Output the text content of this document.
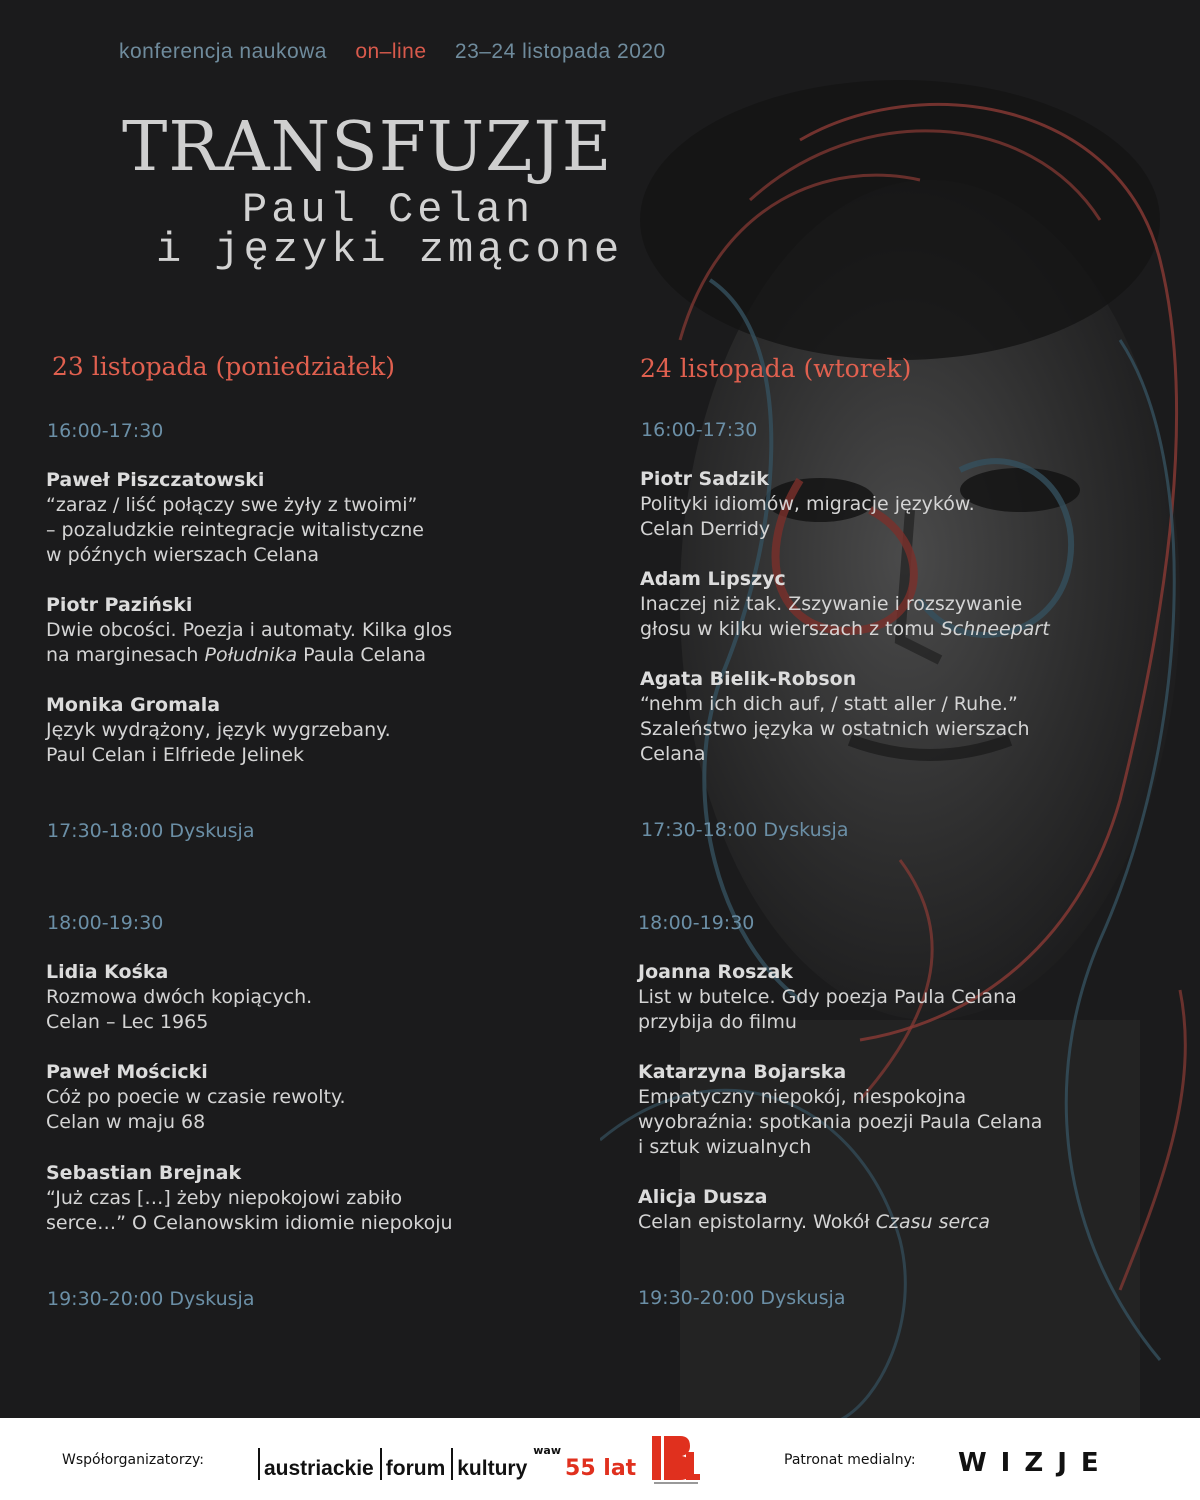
konferencja naukowa on–line 23–24 listopada 2020
TRANSFUZJE
Paul Celan
i języki zmącone
23 listopada (poniedziałek)
16:00-17:30
Paweł Piszczatowski
“zaraz / liść połączy swe żyły z twoimi”
– pozaludzkie reintegracje witalistyczne
w późnych wierszach Celana
Piotr Paziński
Dwie obcości. Poezja i automaty. Kilka glos
na marginesach Południka Paula Celana
Monika Gromala
Język wydrążony, język wygrzebany.
Paul Celan i Elfriede Jelinek
17:30-18:00 Dyskusja
18:00-19:30
Lidia Kośka
Rozmowa dwóch kopiących.
Celan – Lec 1965
Paweł Mościcki
Cóż po poecie w czasie rewolty.
Celan w maju 68
Sebastian Brejnak
“Już czas […] żeby niepokojowi zabiło
serce…” O Celanowskim idiomie niepokoju
19:30-20:00 Dyskusja
24 listopada (wtorek)
16:00-17:30
Piotr Sadzik
Polityki idiomów, migracje języków.
Celan Derridy
Adam Lipszyc
Inaczej niż tak. Zszywanie i rozszywanie
głosu w kilku wierszach z tomu Schneepart
Agata Bielik-Robson
“nehm ich dich auf, / statt aller / Ruhe.”
Szaleństwo języka w ostatnich wierszach
Celana
17:30-18:00 Dyskusja
18:00-19:30
Joanna Roszak
List w butelce. Gdy poezja Paula Celana
przybija do filmu
Katarzyna Bojarska
Empatyczny niepokój, niespokojna
wyobraźnia: spotkania poezji Paula Celana
i sztuk wizualnych
Alicja Dusza
Celan epistolarny. Wokół Czasu serca
19:30-20:00 Dyskusja
Współorganizatorzy:	austriackie forum kultury
waw
55 lat	IBL
Patronat medialny: WIZJE
